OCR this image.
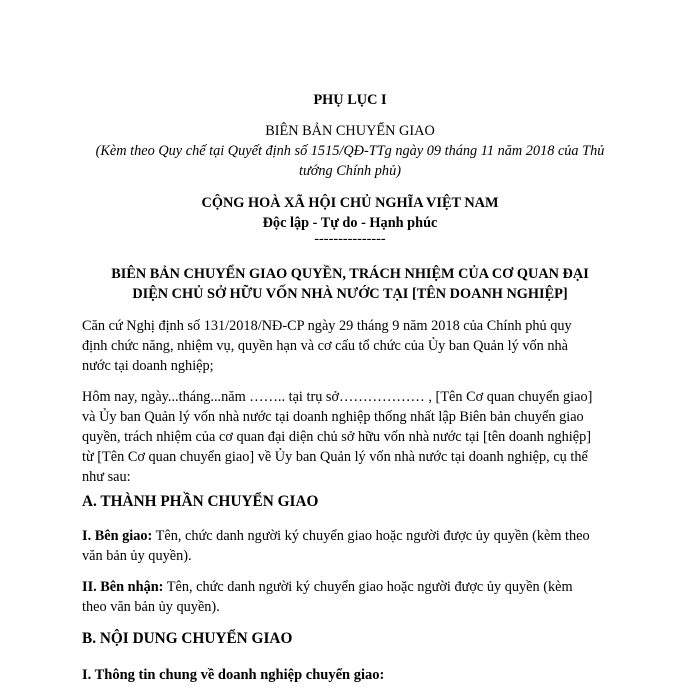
PHỤ LỤC I
BIÊN BẢN CHUYỂN GIAO
(Kèm theo Quy chế tại Quyết định số 1515/QĐ-TTg ngày 09 tháng 11 năm 2018 của Thủ
tướng Chính phủ)
CỘNG HOÀ XÃ HỘI CHỦ NGHĨA VIỆT NAM
Độc lập - Tự do - Hạnh phúc
---------------
BIÊN BẢN CHUYỂN GIAO QUYỀN, TRÁCH NHIỆM CỦA CƠ QUAN ĐẠI
DIỆN CHỦ SỞ HỮU VỐN NHÀ NƯỚC TẠI [TÊN DOANH NGHIỆP]
Căn cứ Nghị định số 131/2018/NĐ-CP ngày 29 tháng 9 năm 2018 của Chính phủ quy
định chức năng, nhiệm vụ, quyền hạn và cơ cấu tổ chức của Ủy ban Quản lý vốn nhà
nước tại doanh nghiệp;
Hôm nay, ngày...tháng...năm …….. tại trụ sở……………… , [Tên Cơ quan chuyển giao]
và Ủy ban Quản lý vốn nhà nước tại doanh nghiệp thống nhất lập Biên bản chuyển giao
quyền, trách nhiệm của cơ quan đại diện chủ sở hữu vốn nhà nước tại [tên doanh nghiệp]
từ [Tên Cơ quan chuyển giao] về Ủy ban Quản lý vốn nhà nước tại doanh nghiệp, cụ thể
như sau:
A. THÀNH PHẦN CHUYỂN GIAO
I. Bên giao: Tên, chức danh người ký chuyển giao hoặc người được ủy quyền (kèm theo
văn bản ủy quyền).
II. Bên nhận: Tên, chức danh người ký chuyển giao hoặc người được ủy quyền (kèm
theo văn bản ủy quyền).
B. NỘI DUNG CHUYỂN GIAO
I. Thông tin chung về doanh nghiệp chuyển giao:
